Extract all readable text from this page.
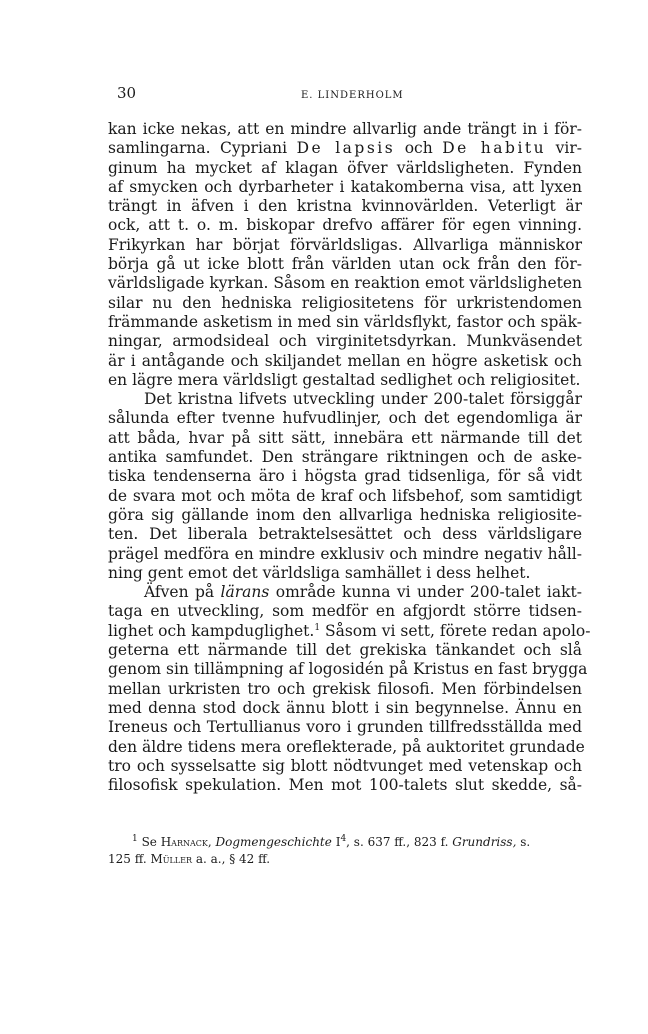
30	E. LINDERHOLM
kan icke nekas, att en mindre allvarlig ande trängt in i för-
samlingarna. Cypriani De lapsis och De habitu vir-
ginum ha mycket af klagan öfver världsligheten. Fynden
af smycken och dyrbarheter i katakomberna visa, att lyxen
trängt in äfven i den kristna kvinnovärlden. Veterligt är
ock, att t. o. m. biskopar drefvo affärer för egen vinning.
Frikyrkan har börjat förvärldsligas. Allvarliga människor
börja gå ut icke blott från världen utan ock från den för-
världsligade kyrkan. Såsom en reaktion emot världsligheten
silar nu den hedniska religiositetens för urkristendomen
främmande asketism in med sin världsflykt, fastor och späk-
ningar, armodsideal och virginitetsdyrkan. Munkväsendet
är i antågande och skiljandet mellan en högre asketisk och
en lägre mera världsligt gestaltad sedlighet och religiositet.
Det kristna lifvets utveckling under 200-talet försiggår
sålunda efter tvenne hufvudlinjer, och det egendomliga är
att båda, hvar på sitt sätt, innebära ett närmande till det
antika samfundet. Den strängare riktningen och de aske-
tiska tendenserna äro i högsta grad tidsenliga, för så vidt
de svara mot och möta de kraf och lifsbehof, som samtidigt
göra sig gällande inom den allvarliga hedniska religiosite-
ten. Det liberala betraktelsesättet och dess världsligare
prägel medföra en mindre exklusiv och mindre negativ håll-
ning gent emot det världsliga samhället i dess helhet.
Äfven på lärans område kunna vi under 200-talet iakt-
taga en utveckling, som medför en afgjordt större tidsen-
lighet och kampduglighet.$^1$ Såsom vi sett, förete redan apolo-
geterna ett närmande till det grekiska tänkandet och slå
genom sin tillämpning af logosidén på Kristus en fast brygga
mellan urkristen tro och grekisk filosofi. Men förbindelsen
med denna stod dock ännu blott i sin begynnelse. Ännu en
Ireneus och Tertullianus voro i grunden tillfredsställda med
den äldre tidens mera oreflekterade, på auktoritet grundade
tro och sysselsatte sig blott nödtvunget med vetenskap och
filosofisk spekulation. Men mot 100-talets slut skedde, så-
$^1$ Se Harnack, Dogmengeschichte $I^4$, s. 637 ff., 823 f. Grundriss, s.
125 ff. Müller a. a., § 42 ff.
